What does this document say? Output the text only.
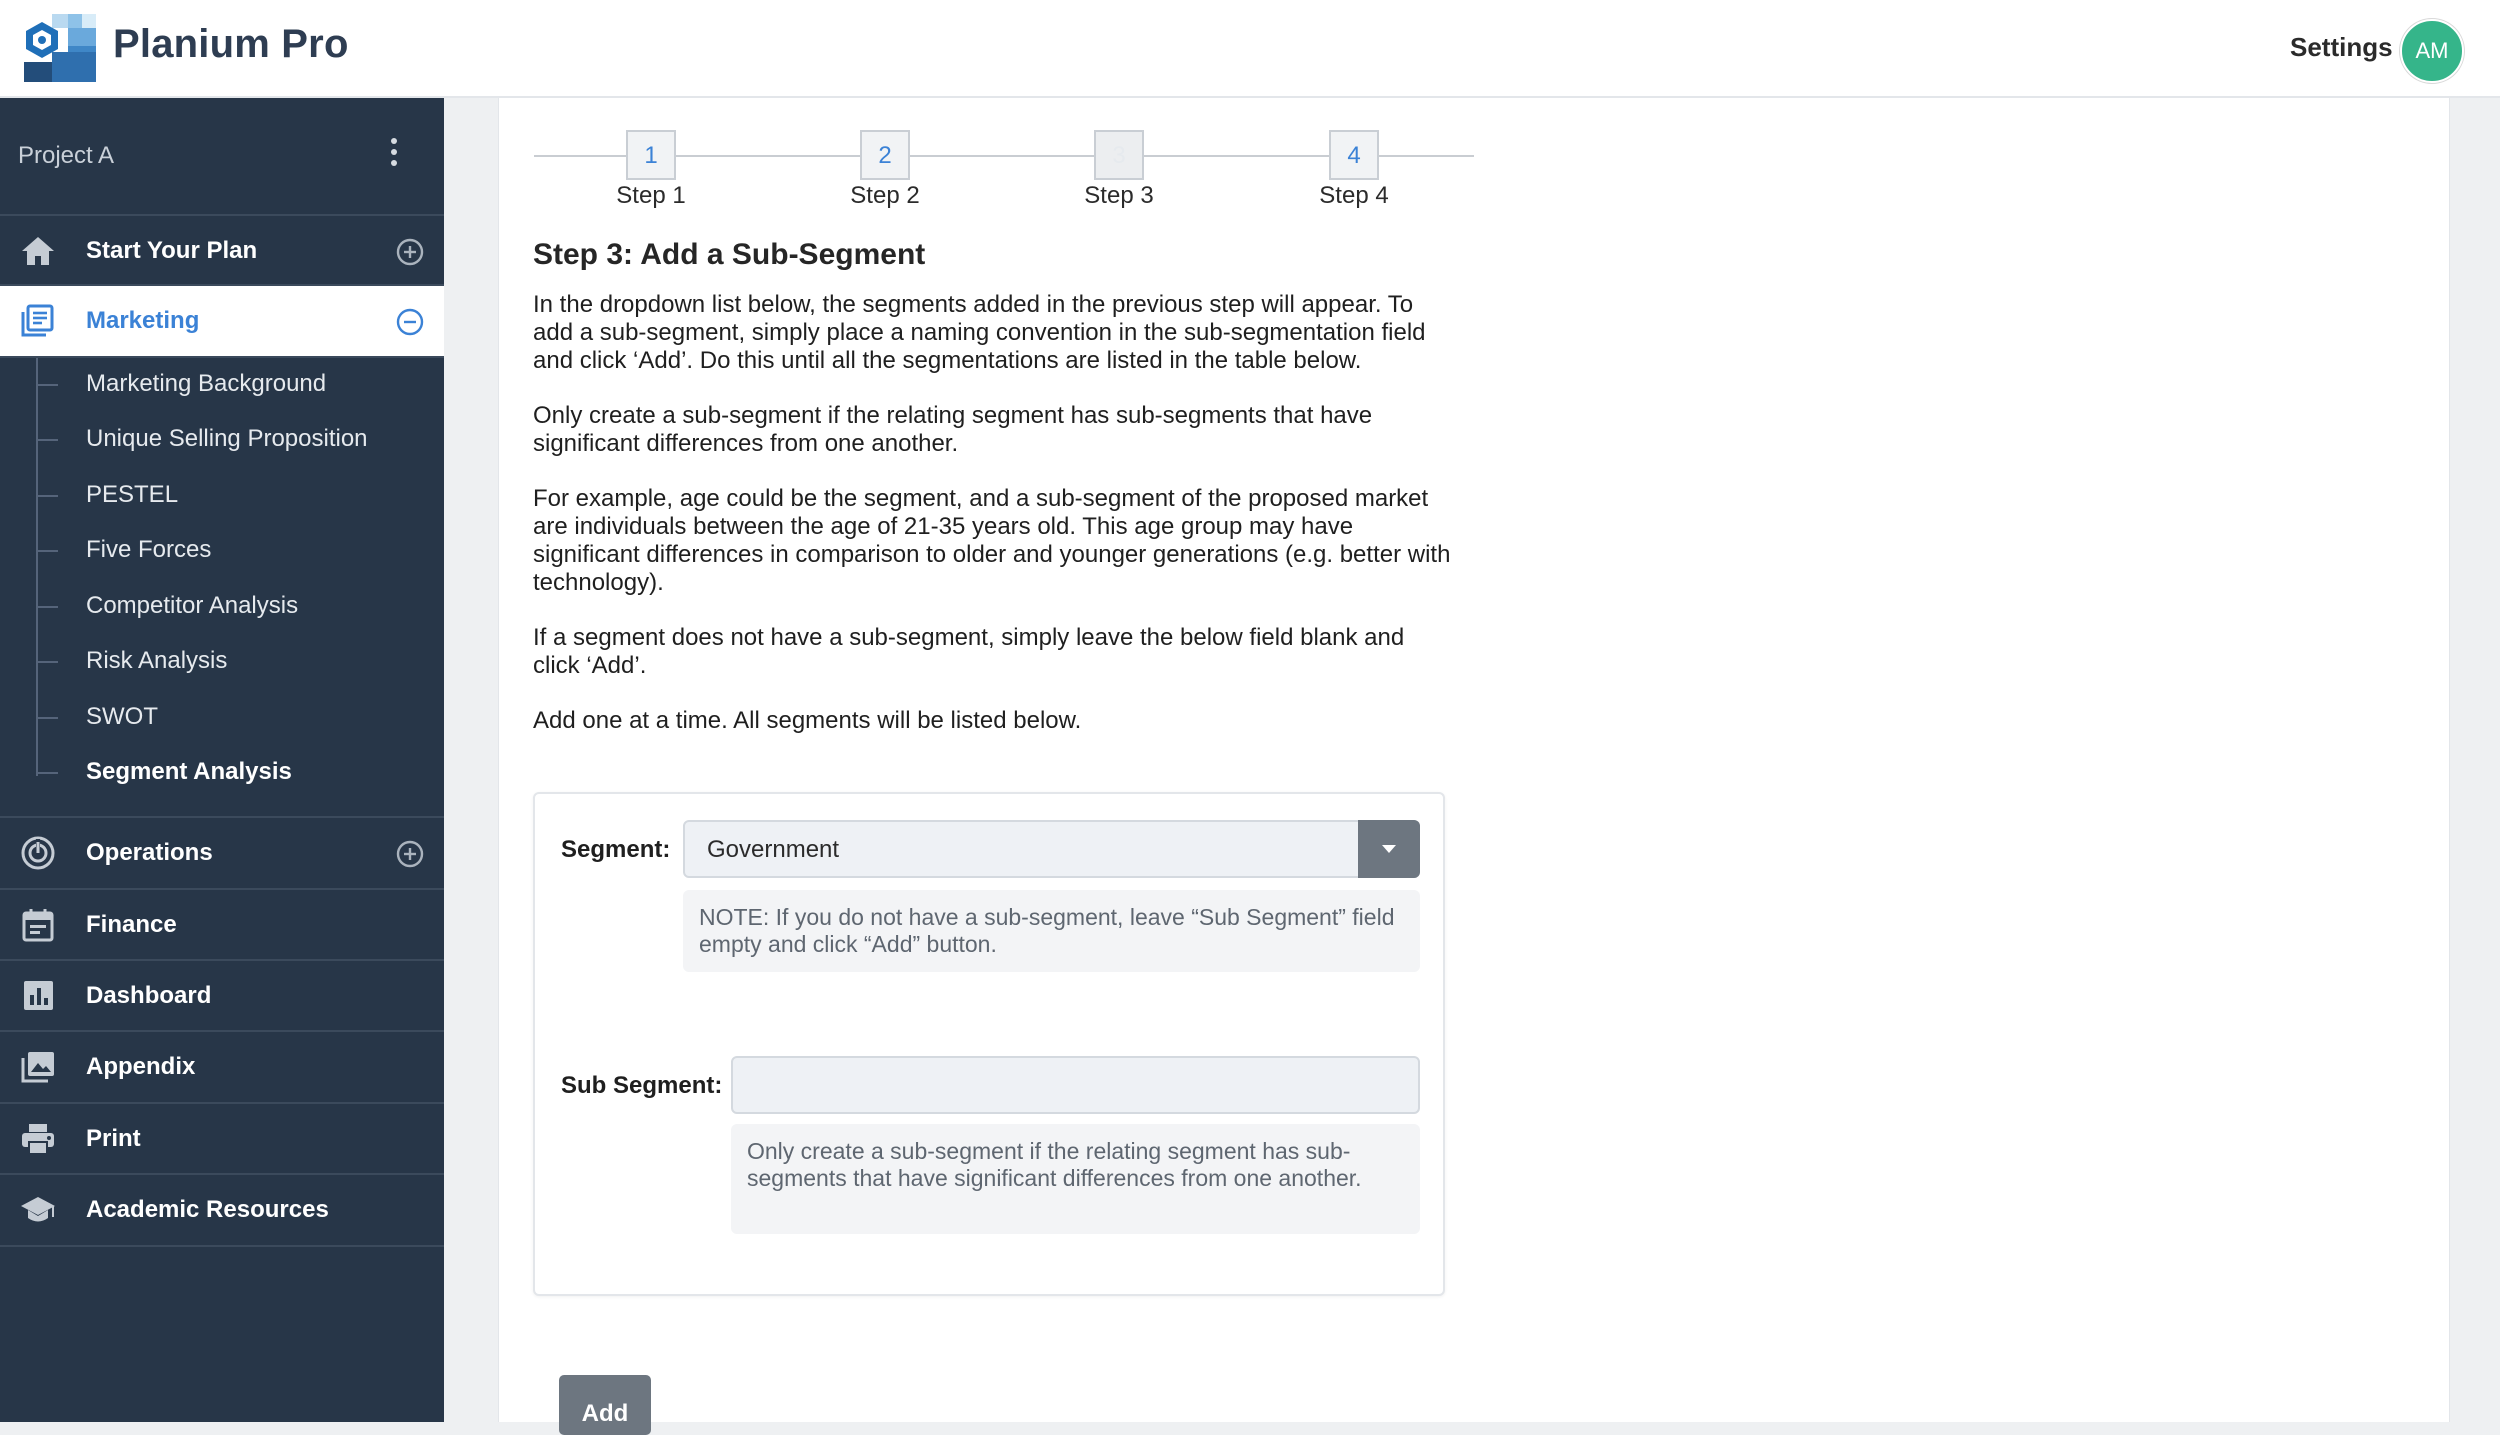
Planium Pro	Settings	AM
Project A
Start Your Plan
Marketing
Marketing Background
Unique Selling Proposition
PESTEL
Five Forces
Competitor Analysis
Risk Analysis
SWOT
Segment Analysis
Operations
Finance
Dashboard
Appendix
Print
Academic Resources
1
Step 1
2
Step 2
3
Step 3
4
Step 4
Step 3: Add a Sub-Segment

In the dropdown list below, the segments added in the previous step will appear. To add a sub-segment, simply place a naming convention in the sub-segmentation field and click ‘Add’. Do this until all the segmentations are listed in the table below.

Only create a sub-segment if the relating segment has sub-segments that have significant differences from one another.

For example, age could be the segment, and a sub-segment of the proposed market are individuals between the age of 21-35 years old. This age group may have significant differences in comparison to older and younger generations (e.g. better with technology).

If a segment does not have a sub-segment, simply leave the below field blank and click ‘Add’.

Add one at a time. All segments will be listed below.

Segment: Government
NOTE: If you do not have a sub-segment, leave “Sub Segment” field empty and click “Add” button.
Sub Segment:
Only create a sub-segment if the relating segment has sub-segments that have significant differences from one another.
Add
